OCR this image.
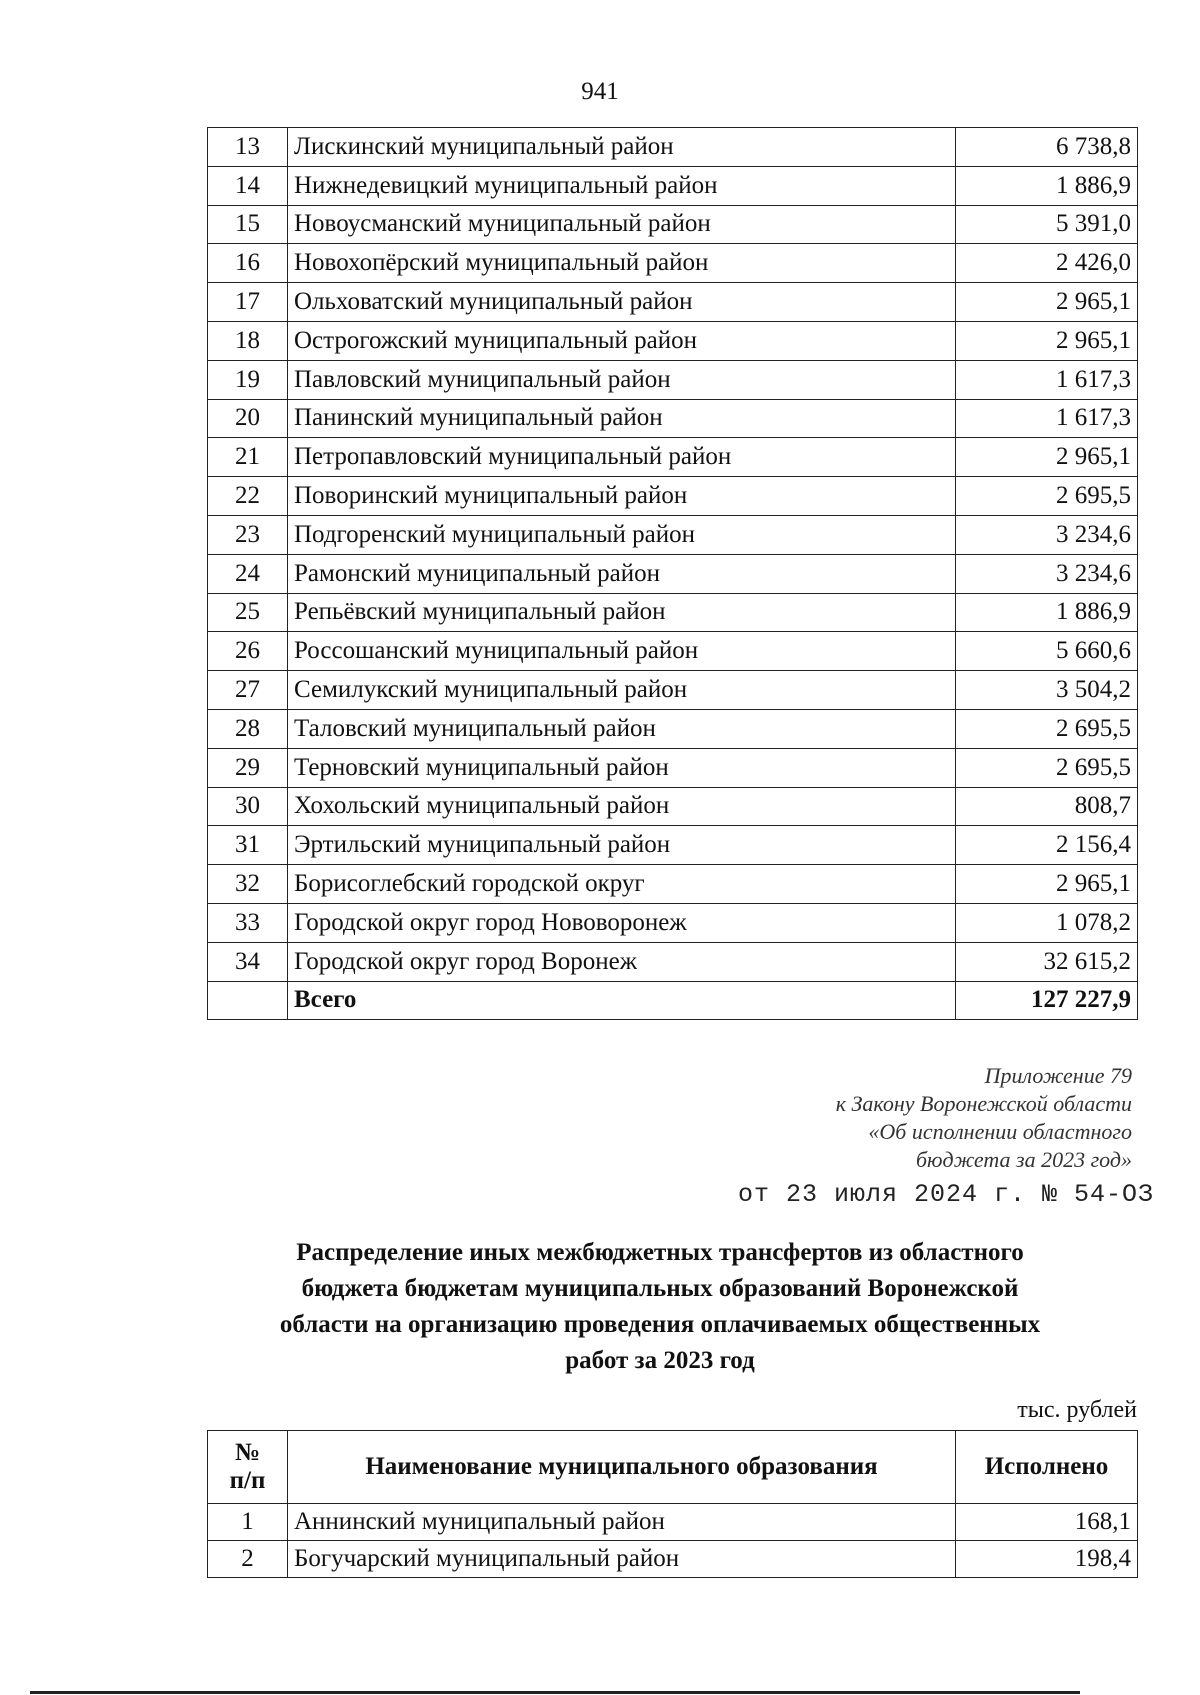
941
13	Лискинский муниципальный район	6 738,8
14	Нижнедевицкий муниципальный район	1 886,9
15	Новоусманский муниципальный район	5 391,0
16	Новохопёрский муниципальный район	2 426,0
17	Ольховатский муниципальный район	2 965,1
18	Острогожский муниципальный район	2 965,1
19	Павловский муниципальный район	1 617,3
20	Панинский муниципальный район	1 617,3
21	Петропавловский муниципальный район	2 965,1
22	Поворинский муниципальный район	2 695,5
23	Подгоренский муниципальный район	3 234,6
24	Рамонский муниципальный район	3 234,6
25	Репьёвский муниципальный район	1 886,9
26	Россошанский муниципальный район	5 660,6
27	Семилукский муниципальный район	3 504,2
28	Таловский муниципальный район	2 695,5
29	Терновский муниципальный район	2 695,5
30	Хохольский муниципальный район	808,7
31	Эртильский муниципальный район	2 156,4
32	Борисоглебский городской округ	2 965,1
33	Городской округ город Нововоронеж	1 078,2
34	Городской округ город Воронеж	32 615,2
	Всего	127 227,9
Приложение 79
к Закону Воронежской области
«Об исполнении областного
бюджета за 2023 год»
от 23 июля 2024 г. № 54-ОЗ
Распределение иных межбюджетных трансфертов из областного
бюджета бюджетам муниципальных образований Воронежской
области на организацию проведения оплачиваемых общественных
работ за 2023 год
тыс. рублей
№
п/п	Наименование муниципального образования	Исполнено
1	Аннинский муниципальный район	168,1
2	Богучарский муниципальный район	198,4
